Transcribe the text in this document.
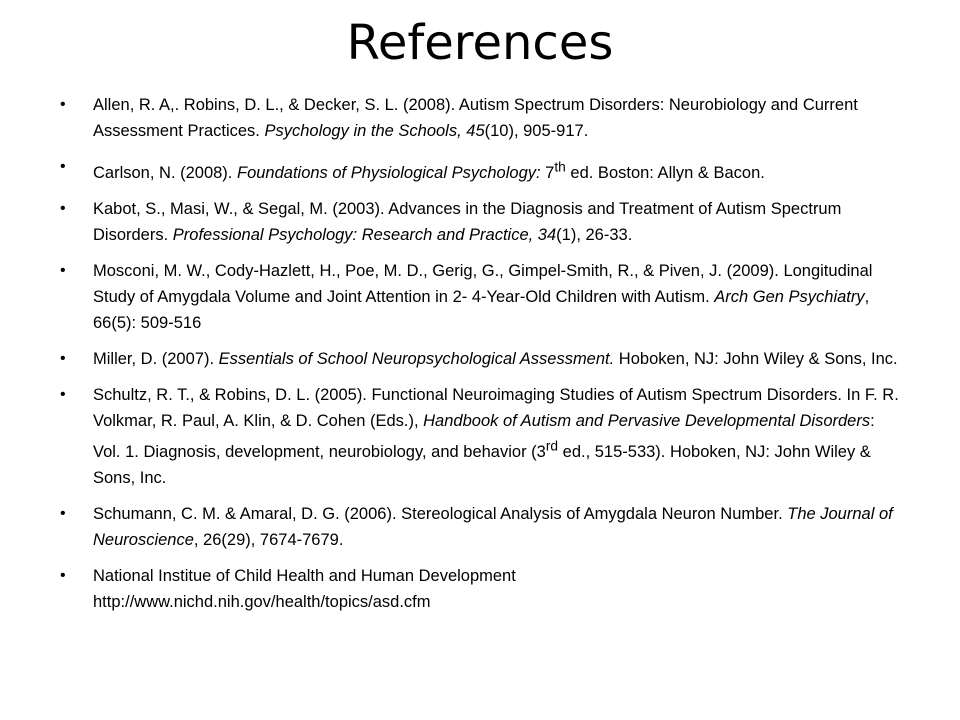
References
• Allen, R. A,. Robins, D. L., & Decker, S. L. (2008). Autism Spectrum Disorders: Neurobiology and Current Assessment Practices. Psychology in the Schools, 45(10), 905-917.
• Carlson, N. (2008). Foundations of Physiological Psychology: 7th ed. Boston: Allyn & Bacon.
• Kabot, S., Masi, W., & Segal, M. (2003). Advances in the Diagnosis and Treatment of Autism Spectrum Disorders. Professional Psychology: Research and Practice, 34(1), 26-33.
• Mosconi, M. W., Cody-Hazlett, H., Poe, M. D., Gerig, G., Gimpel-Smith, R., & Piven, J. (2009). Longitudinal Study of Amygdala Volume and Joint Attention in 2- 4-Year-Old Children with Autism. Arch Gen Psychiatry, 66(5): 509-516
• Miller, D. (2007). Essentials of School Neuropsychological Assessment. Hoboken, NJ: John Wiley & Sons, Inc.
• Schultz, R. T., & Robins, D. L. (2005). Functional Neuroimaging Studies of Autism Spectrum Disorders. In F. R. Volkmar, R. Paul, A. Klin, & D. Cohen (Eds.), Handbook of Autism and Pervasive Developmental Disorders: Vol. 1. Diagnosis, development, neurobiology, and behavior (3rd ed., 515-533). Hoboken, NJ: John Wiley & Sons, Inc.
• Schumann, C. M. & Amaral, D. G. (2006). Stereological Analysis of Amygdala Neuron Number. The Journal of Neuroscience, 26(29), 7674-7679.
• National Institue of Child Health and Human Development
http://www.nichd.nih.gov/health/topics/asd.cfm
